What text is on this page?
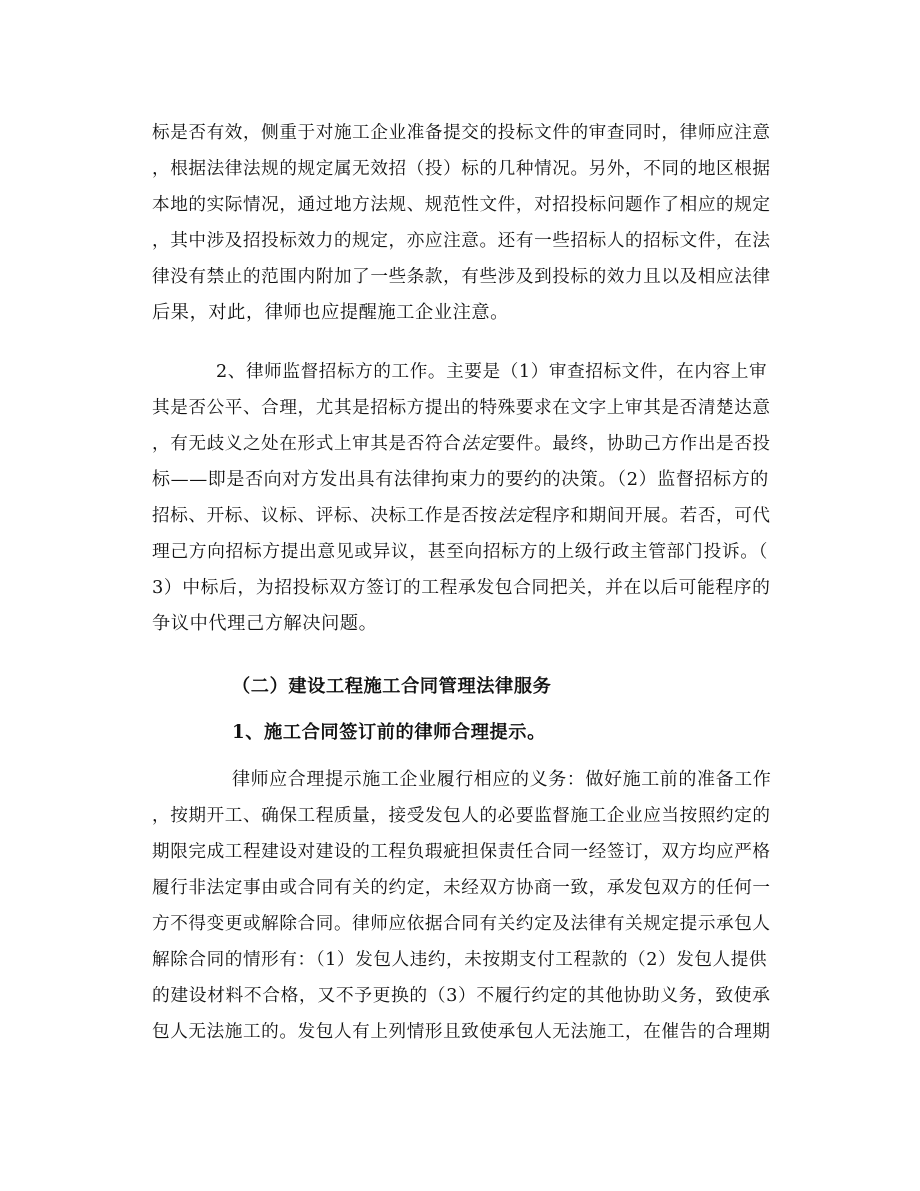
标是否有效，侧重于对施工企业准备提交的投标文件的审查同时，律师应注意
，根据法律法规的规定属无效招（投）标的几种情况。另外，不同的地区根据
本地的实际情况，通过地方法规、规范性文件，对招投标问题作了相应的规定
，其中涉及招投标效力的规定，亦应注意。还有一些招标人的招标文件，在法
律没有禁止的范围内附加了一些条款，有些涉及到投标的效力且以及相应法律
后果，对此，律师也应提醒施工企业注意。
2、律师监督招标方的工作。主要是（1）审查招标文件，在内容上审
其是否公平、合理，尤其是招标方提出的特殊要求在文字上审其是否清楚达意
，有无歧义之处在形式上审其是否符合法定要件。最终，协助己方作出是否投
标——即是否向对方发出具有法律拘束力的要约的决策。（2）监督招标方的
招标、开标、议标、评标、决标工作是否按法定程序和期间开展。若否，可代
理己方向招标方提出意见或异议，甚至向招标方的上级行政主管部门投诉。（
3）中标后，为招投标双方签订的工程承发包合同把关，并在以后可能程序的
争议中代理己方解决问题。
（二）建设工程施工合同管理法律服务
1、施工合同签订前的律师合理提示。
律师应合理提示施工企业履行相应的义务：做好施工前的准备工作
，按期开工、确保工程质量，接受发包人的必要监督施工企业应当按照约定的
期限完成工程建设对建设的工程负瑕疵担保责任合同一经签订，双方均应严格
履行非法定事由或合同有关的约定，未经双方协商一致，承发包双方的任何一
方不得变更或解除合同。律师应依据合同有关约定及法律有关规定提示承包人
解除合同的情形有：（1）发包人违约，未按期支付工程款的（2）发包人提供
的建设材料不合格，又不予更换的（3）不履行约定的其他协助义务，致使承
包人无法施工的。发包人有上列情形且致使承包人无法施工，在催告的合理期
